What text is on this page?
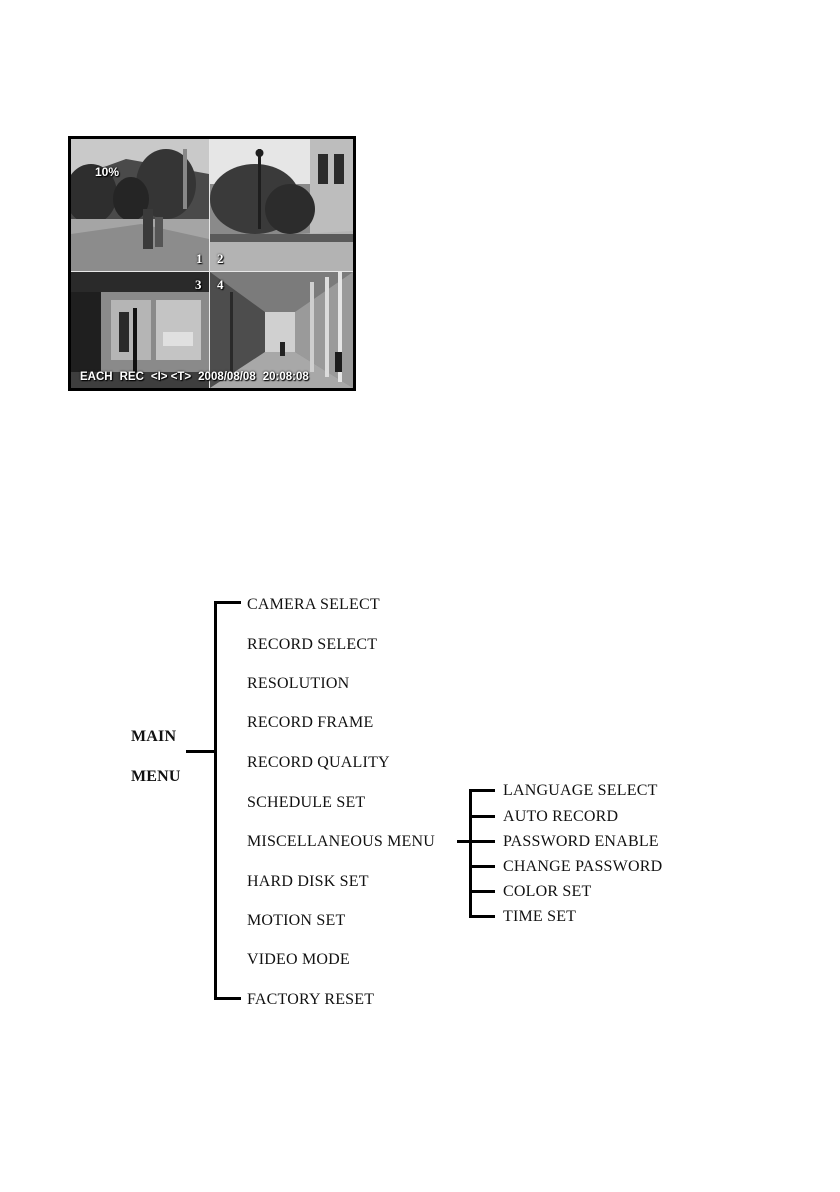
10%
1 2
3 4
EACH REC <I> <T> 2008/08/08 20:08:08
MAIN
MENU
CAMERA SELECT
RECORD SELECT
RESOLUTION
RECORD FRAME
RECORD QUALITY
SCHEDULE SET
MISCELLANEOUS MENU
HARD DISK SET
MOTION SET
VIDEO MODE
FACTORY RESET
LANGUAGE SELECT
AUTO RECORD
PASSWORD ENABLE
CHANGE PASSWORD
COLOR SET
TIME SET
